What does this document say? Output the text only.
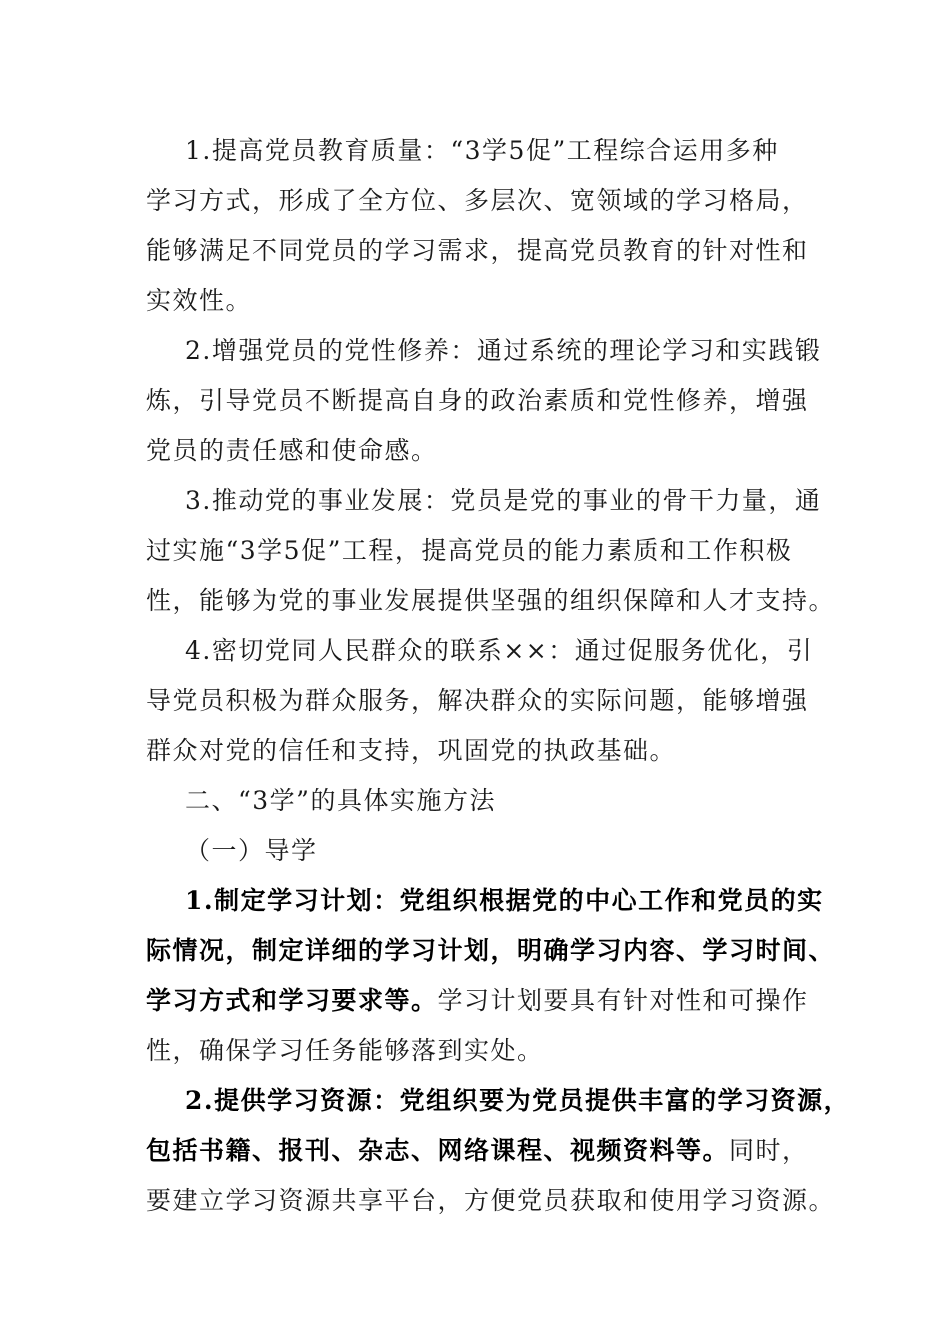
1.提高党员教育质量：“3学5促”工程综合运用多种
学习方式，形成了全方位、多层次、宽领域的学习格局，
能够满足不同党员的学习需求，提高党员教育的针对性和
实效性。
2.增强党员的党性修养：通过系统的理论学习和实践锻
炼，引导党员不断提高自身的政治素质和党性修养，增强
党员的责任感和使命感。
3.推动党的事业发展：党员是党的事业的骨干力量，通
过实施“3学5促”工程，提高党员的能力素质和工作积极
性，能够为党的事业发展提供坚强的组织保障和人才支持。
4.密切党同人民群众的联系××：通过促服务优化，引
导党员积极为群众服务，解决群众的实际问题，能够增强
群众对党的信任和支持，巩固党的执政基础。
二、“3学”的具体实施方法
（一）导学
1.制定学习计划：党组织根据党的中心工作和党员的实
际情况，制定详细的学习计划，明确学习内容、学习时间、
学习方式和学习要求等。学习计划要具有针对性和可操作
性，确保学习任务能够落到实处。
2.提供学习资源：党组织要为党员提供丰富的学习资源，
包括书籍、报刊、杂志、网络课程、视频资料等。同时，
要建立学习资源共享平台，方便党员获取和使用学习资源。
